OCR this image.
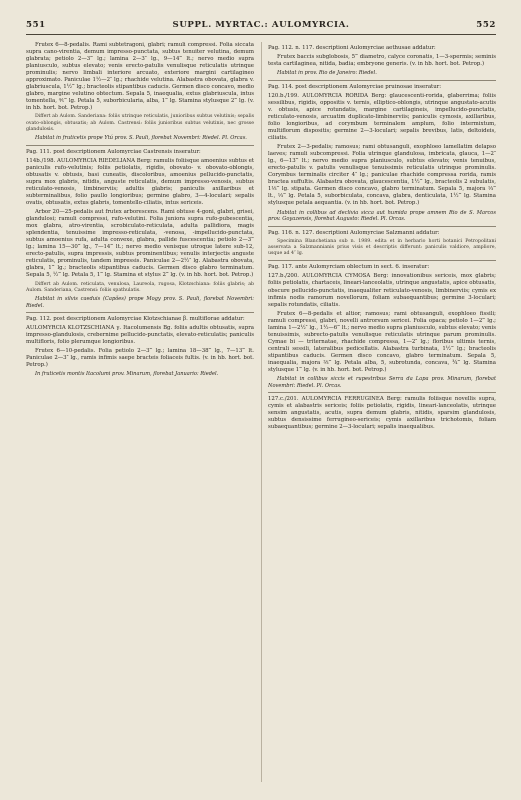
551	SUPPL. MYRTAC.: AULOMYRCIA.	552

Frutex 6—8-pedalis. Rami subtetragoni, glabri; ramuli compressi. Folia siccata supra cano-virentia, demum impresso-punctata, subtus tenuiter velutina, demum glabrata; petiolo 2—3‴ lg.; lamina 2—3″ lg., 9—14‴ lt.; nervo medio supra planiusculo, subtus elevato; venis erecto-patulis venulisque reticulatis utrinque prominulis; nervo limbali interiore arcuato, exteriore margini cartilagineo approximato. Paniculae 1½—2″ lg.; rhachide velutina. Alabastra obovata, glabra v. glabriuscula, 1½‴ lg.; bracteolis stipantibus caducis. Germen disco concavo, medio glabro, margine velutino obtectum. Sepala 5, inaequalia, extus glabriuscula, intus tomentella, ⅘‴ lg. Petala 5, suborbicularia, alba, 1‴ lg. Stamina stylusque 2‴ lg. (v. in hb. hort. bot. Petrop.)

Differt ab Aulom. Sanderiana: foliis utrinque reticulatis, junioribus subtus velutinis; sepalis ovato-oblongis, obtusatis; ab Aulom. Castrensi: foliis junioribus subtus velutinis, nec grosse glandulosis.

Habitat in fruticetis prope Ytú prov. S. Pauli, florebat Novembri: Riedel. Pl. Orcas.

Pag. 111. post descriptionem Aulomyrciae Castrensis inseratur:

114b./198. AULOMYRCIA RIEDELIANA Berg: ramulis foliisque amoenius subtus et paniculis rufo-velutinis; foliis petiolatis, rigidis, obovato- v. obovato-oblongis, obtusatis v. obtusis, basi cuneatis, discoloribus, amoenius pellucido-punctatis, supra mox glabris, nitidis, anguste reticulatis, demum impresso-venosis, subtus reticulato-venosis, limbinerviis; adultis glabris; paniculis axillaribus et subterminalibus, folio paullo longioribus; germine glabro, 3—4-loculari; sepalis ovatis, obtusatis, extus glabris, tomentello-ciliatis, intus sericeis.

Arbor 20—25-pedalis aut frutex arborescens. Rami obtuse 4-goni, glabri, grisei, glandulosi; ramuli compressi, rufo-velutini. Folia juniora supra rufo-pubescentia, mox glabra, atro-virentia, scrobiculato-reticulata, adulta pallidiora, magis splendentia, tenuissime impresso-reticulata, -venosa, -impellucido-punctata, subtus amoenius rufa, adulta convexe, glabra, pallide fuscescentia; petiolo 2—3‴ lg.; lamina 15—30‴ lg., 7—14‴ lt.; nervo medio venisque utroque latere sub-12, erecto-patulis, supra impressis, subtus prominentibus; venulis interjectis anguste reticulatis, prominulis, tandem impressis. Paniculae 2—2½″ lg. Alabastra obovata, glabra, 1‴ lg.; bracteolis stipantibus caducis. Germen disco glabro terminatum. Sepala 5, ½‴ lg. Petala 5, 1‴ lg. Stamina et stylus 2‴ lg. (v. in hb. hort. bot. Petrop.)

Differt ab Aulom. reticulata, venulosa, Laureola, rugosa, Klotzschiana: foliis glabris; ab Aulom. Sanderiana, Castrensi: foliis spathulatis.

Habitat in silvis caeduis (Capões) prope Mogy prov. S. Pauli, florebat Novembri: Riedel.

Pag. 112. post descriptionem Aulomyrciae Klotzschianae β. multiflorae addatur:

AULOMYRCIA KLOTZSCHIANA γ. Itacolumensis Bg. foliis adultis obtusatis, supra impresso-glandulosis, crebernime pellucido-punctatis, elevato-reticulatis; paniculis multifloris, folio plerumque longioribus.

Frutex 6—10-pedalis. Folia petiolo 2—3‴ lg.; lamina 18—38‴ lg., 7—13‴ lt. Paniculae 2—3″ lg., ramis infimis saepe bracteis foliaceis fultis. (v. in hb. hort. bot. Petrop.)

In fruticetis montis Itacolumi prov. Minarum, florebat Januario: Riedel.

Pag. 112. n. 117. descriptioni Aulomyrciae aethusae addatur:

Frutex baccis subglobosis, 5‴ diametro, calyce coronatis, 1—3-spermis; seminis testa cartilaginea, nitida, badia; embryone generis. (v. in hb. hort. bot. Petrop.)

Habitat in prov. Rio de Janeiro: Riedel.

Pag. 114. post descriptionem Aulomyrciae pruinosae inseratur:

120.b./199. AULOMYRCIA RORIDA Berg: glaucescenti-rorida, glaberrima; foliis sessilibus, rigidis, oppositis v. ternis, elliptico-oblongis, utrinque angustato-acutis v. obtusis, apice rotundatis, margine cartilagineis, impellucido-punctatis, reticulato-venosis, arcuatim duplicato-limbinerviis; paniculis cymosis, axillaribus, folio longioribus, ad corymbum terminalem amplum, folio intermixtum, multiflorum dispositis; germine 2—3-loculari; sepalis brevibus, latis, deltoideis, ciliatis.

Frutex 2—3-pedalis; ramosus; rami obtusanguli, exophloeo lamellatim delapso laeves; ramuli subcompressi. Folia utrinque glandulosa, imbricata, glauca, 1—2″ lg., 6—13‴ lt.; nervo medio supra planiusculo, subtus elevato; venis tenuibus, erecto-patulis v. patulis venulisque tenuissimis reticulatis utrinque prominulis. Corymbus terminalis circiter 4″ lg.; paniculae rhachide compressa rorida, ramis bractea suffultis. Alabastra obovata, glaucescentia, 1½‴ lg., bracteolis 2 subulatis, 1⅓‴ lg. stipata. Germen disco concavo, glabro terminatum. Sepala 5, majora ⅓‴ lt., ⅓‴ lg. Petala 5, suborbiculata, concava, glabra, denticulata, 1½‴ lg. Stamina stylusque petala aequantia. (v. in hb. hort. bot. Petrop.)

Habitat in collibus ad declivia sicca aut humida prope amnem Rio de S. Marcos prov. Goyazensis, florebat Augusto: Riedel. Pl. Orcas.

Pag. 116. n. 127. descriptioni Aulomyrciae Salzmanni addatur:

Specimina Blanchetiana sub n. 1989. edita et in herbario horti botanici Petropolitani asservata a Salzmannianis prius visis et descriptis differunt: paniculis valdiore, ampliore, usque ad 4″ lg.

Pag. 117. ante Aulomyrciam oblectum in sect. 6. inseratur:

127.b./200. AULOMYRCIA CYMOSA Berg: innovationibus sericeis, mox glabris; foliis petiolatis, chartaceis, lineari-lanceolatis, utrinque angustatis, apice obtusatis, obscure pellucido-punctatis, inaequaliter reticulato-venosis, limbinerviis; cymis ex infimis nodis ramorum novellorum, foliam subaequantibus; germine 3-loculari; sepalis rotundatis, ciliatis.

Frutex 6—8-pedalis et altior, ramosus; rami obtusanguli, exophloeo fissili; ramuli compressi, glabri, novelli antrorsum sericei. Folia opaca; petiolo 1—2‴ lg.; lamina 1—2½″ lg., 1½—6‴ lt.; nervo medio supra planiusculo, subtus elevato; venis tenuissimis, subrecto-patulis venulisque reticulatis utrinque parum prominulis. Cymae bi — triternatae, rhachide compressa, 1—2″ lg.; floribus ultimis ternis, centrali sessili, lateralibus pedicellatis. Alabastra turbinata, 1½‴ lg.; bracteolis stipantibus caducis. Germen disco concavo, glabro terminatum. Sepala 5, inaequalia, majora ⅔‴ lg. Petala alba, 5, subrotunda, concava, ¾‴ lg. Stamina stylusque 1‴ lg. (v. in hb. hort. bot. Petrop.)

Habitat in collibus siccis et rupestribus Serra da Lapa prov. Minarum, florebat Novembri: Riedel. Pl. Orcas.

127.c./201. AULOMYRCIA FERRUGINEA Berg: ramulis foliisque novellis supra, cymis et alabastris sericeis; foliis petiolatis, rigidis, lineari-lanceolatis, utrinque sensim angustatis, acutis, supra demum glabris, nitidis, sparsim glandulosis, subtus densissime ferrugineo-sericeis; cymis axillaribus trichotomis, foliam subaequantibus; germine 2—3-loculari; sepalis inaequalibus.
